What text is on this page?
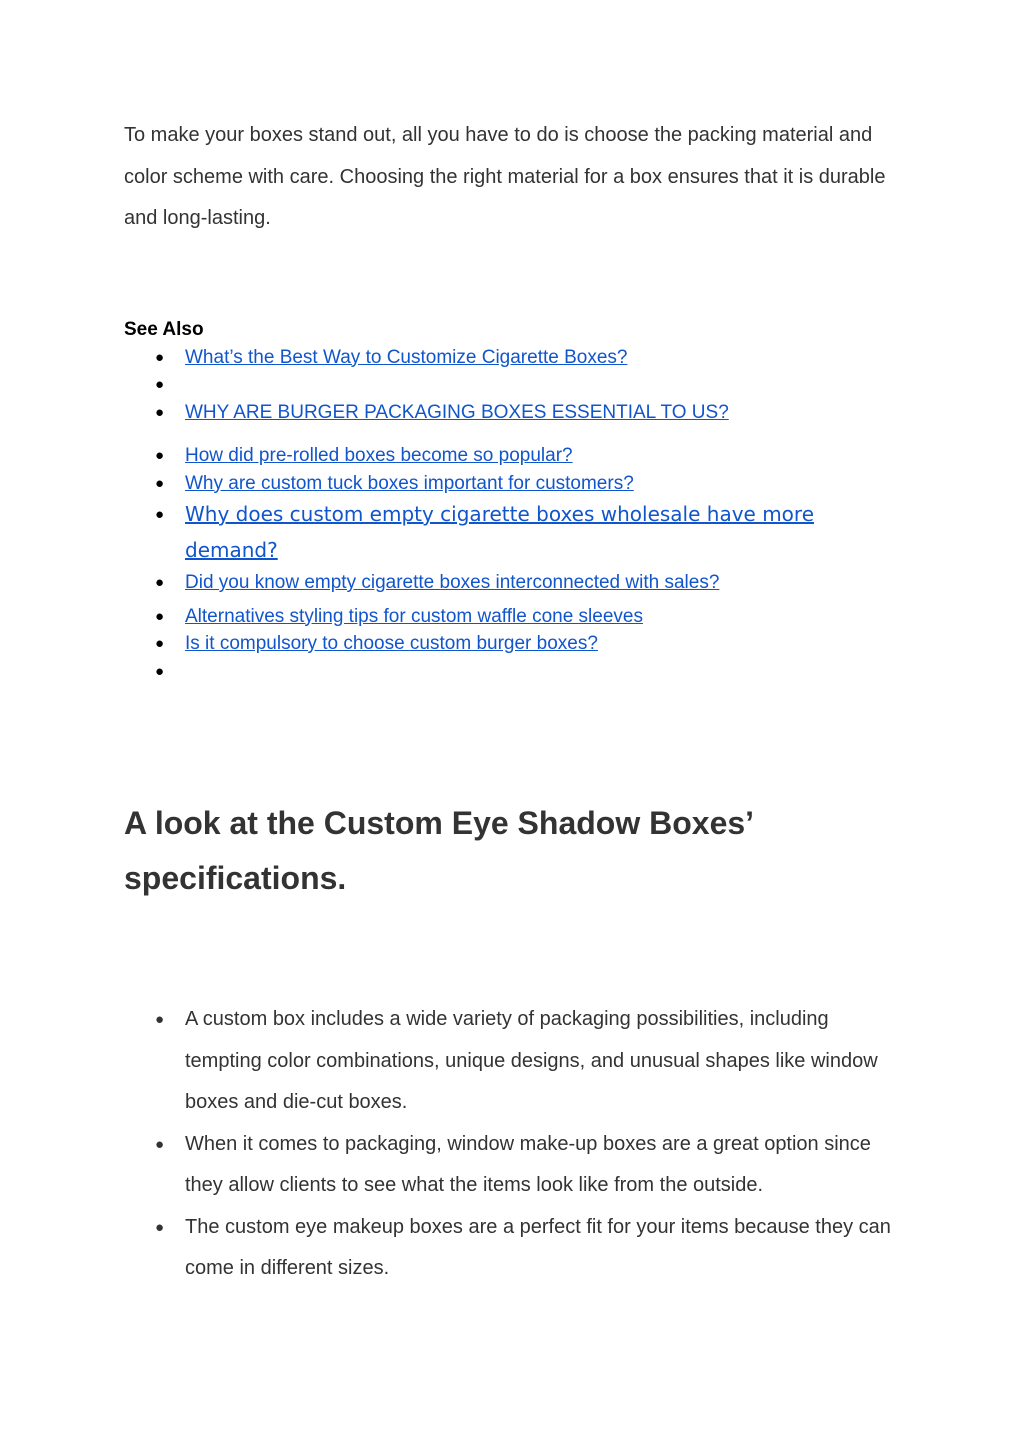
To make your boxes stand out, all you have to do is choose the packing material and color scheme with care. Choosing the right material for a box ensures that it is durable and long-lasting.

See Also

● What’s the Best Way to Customize Cigarette Boxes?
●
● WHY ARE BURGER PACKAGING BOXES ESSENTIAL TO US?
● How did pre-rolled boxes become so popular?
● Why are custom tuck boxes important for customers?
● Why does custom empty cigarette boxes wholesale have more demand?
● Did you know empty cigarette boxes interconnected with sales?
● Alternatives styling tips for custom waffle cone sleeves
● Is it compulsory to choose custom burger boxes?
●
A look at the Custom Eye Shadow Boxes’ specifications.
● A custom box includes a wide variety of packaging possibilities, including tempting color combinations, unique designs, and unusual shapes like window boxes and die-cut boxes.
● When it comes to packaging, window make-up boxes are a great option since they allow clients to see what the items look like from the outside.
● The custom eye makeup boxes are a perfect fit for your items because they can come in different sizes.
